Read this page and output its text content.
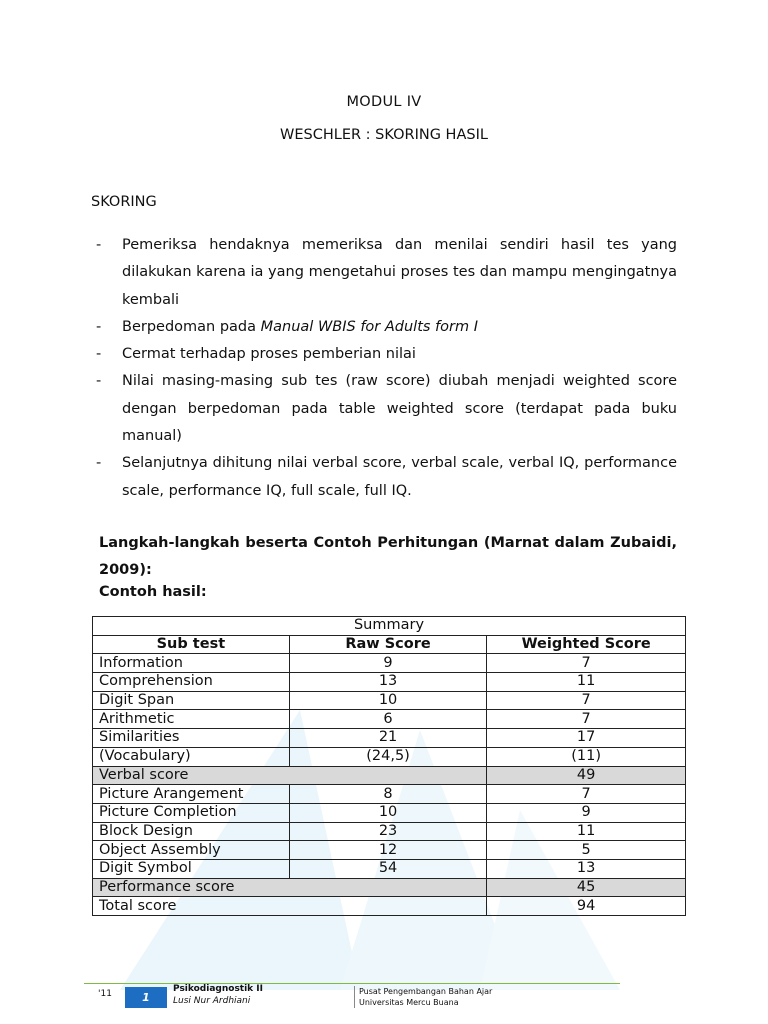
MODUL IV
WESCHLER : SKORING HASIL
SKORING
- Pemeriksa hendaknya memeriksa dan menilai sendiri hasil tes yang dilakukan karena ia yang mengetahui proses tes dan mampu mengingatnya kembali
- Berpedoman pada Manual WBIS for Adults form I
- Cermat terhadap proses pemberian nilai
- Nilai masing-masing sub tes (raw score) diubah menjadi weighted score dengan berpedoman pada table weighted score (terdapat pada buku manual)
- Selanjutnya dihitung nilai verbal score, verbal scale, verbal IQ, performance scale, performance IQ, full scale, full IQ.
Langkah-langkah beserta Contoh Perhitungan (Marnat dalam Zubaidi, 2009):
Contoh hasil:
Summary		
Sub test	Raw Score	Weighted Score
Information	9	7
Comprehension	13	11
Digit Span	10	7
Arithmetic	6	7
Similarities	21	17
(Vocabulary)	(24,5)	(11)
Verbal score		49
Picture Arangement	8	7
Picture Completion	10	9
Block Design	23	11
Object Assembly	12	5
Digit Symbol	54	13
Performance score		45
Total score		94
'11	1
Psikodiagnostik II
Lusi Nur Ardhiani
Pusat Pengembangan Bahan Ajar
Universitas Mercu Buana
